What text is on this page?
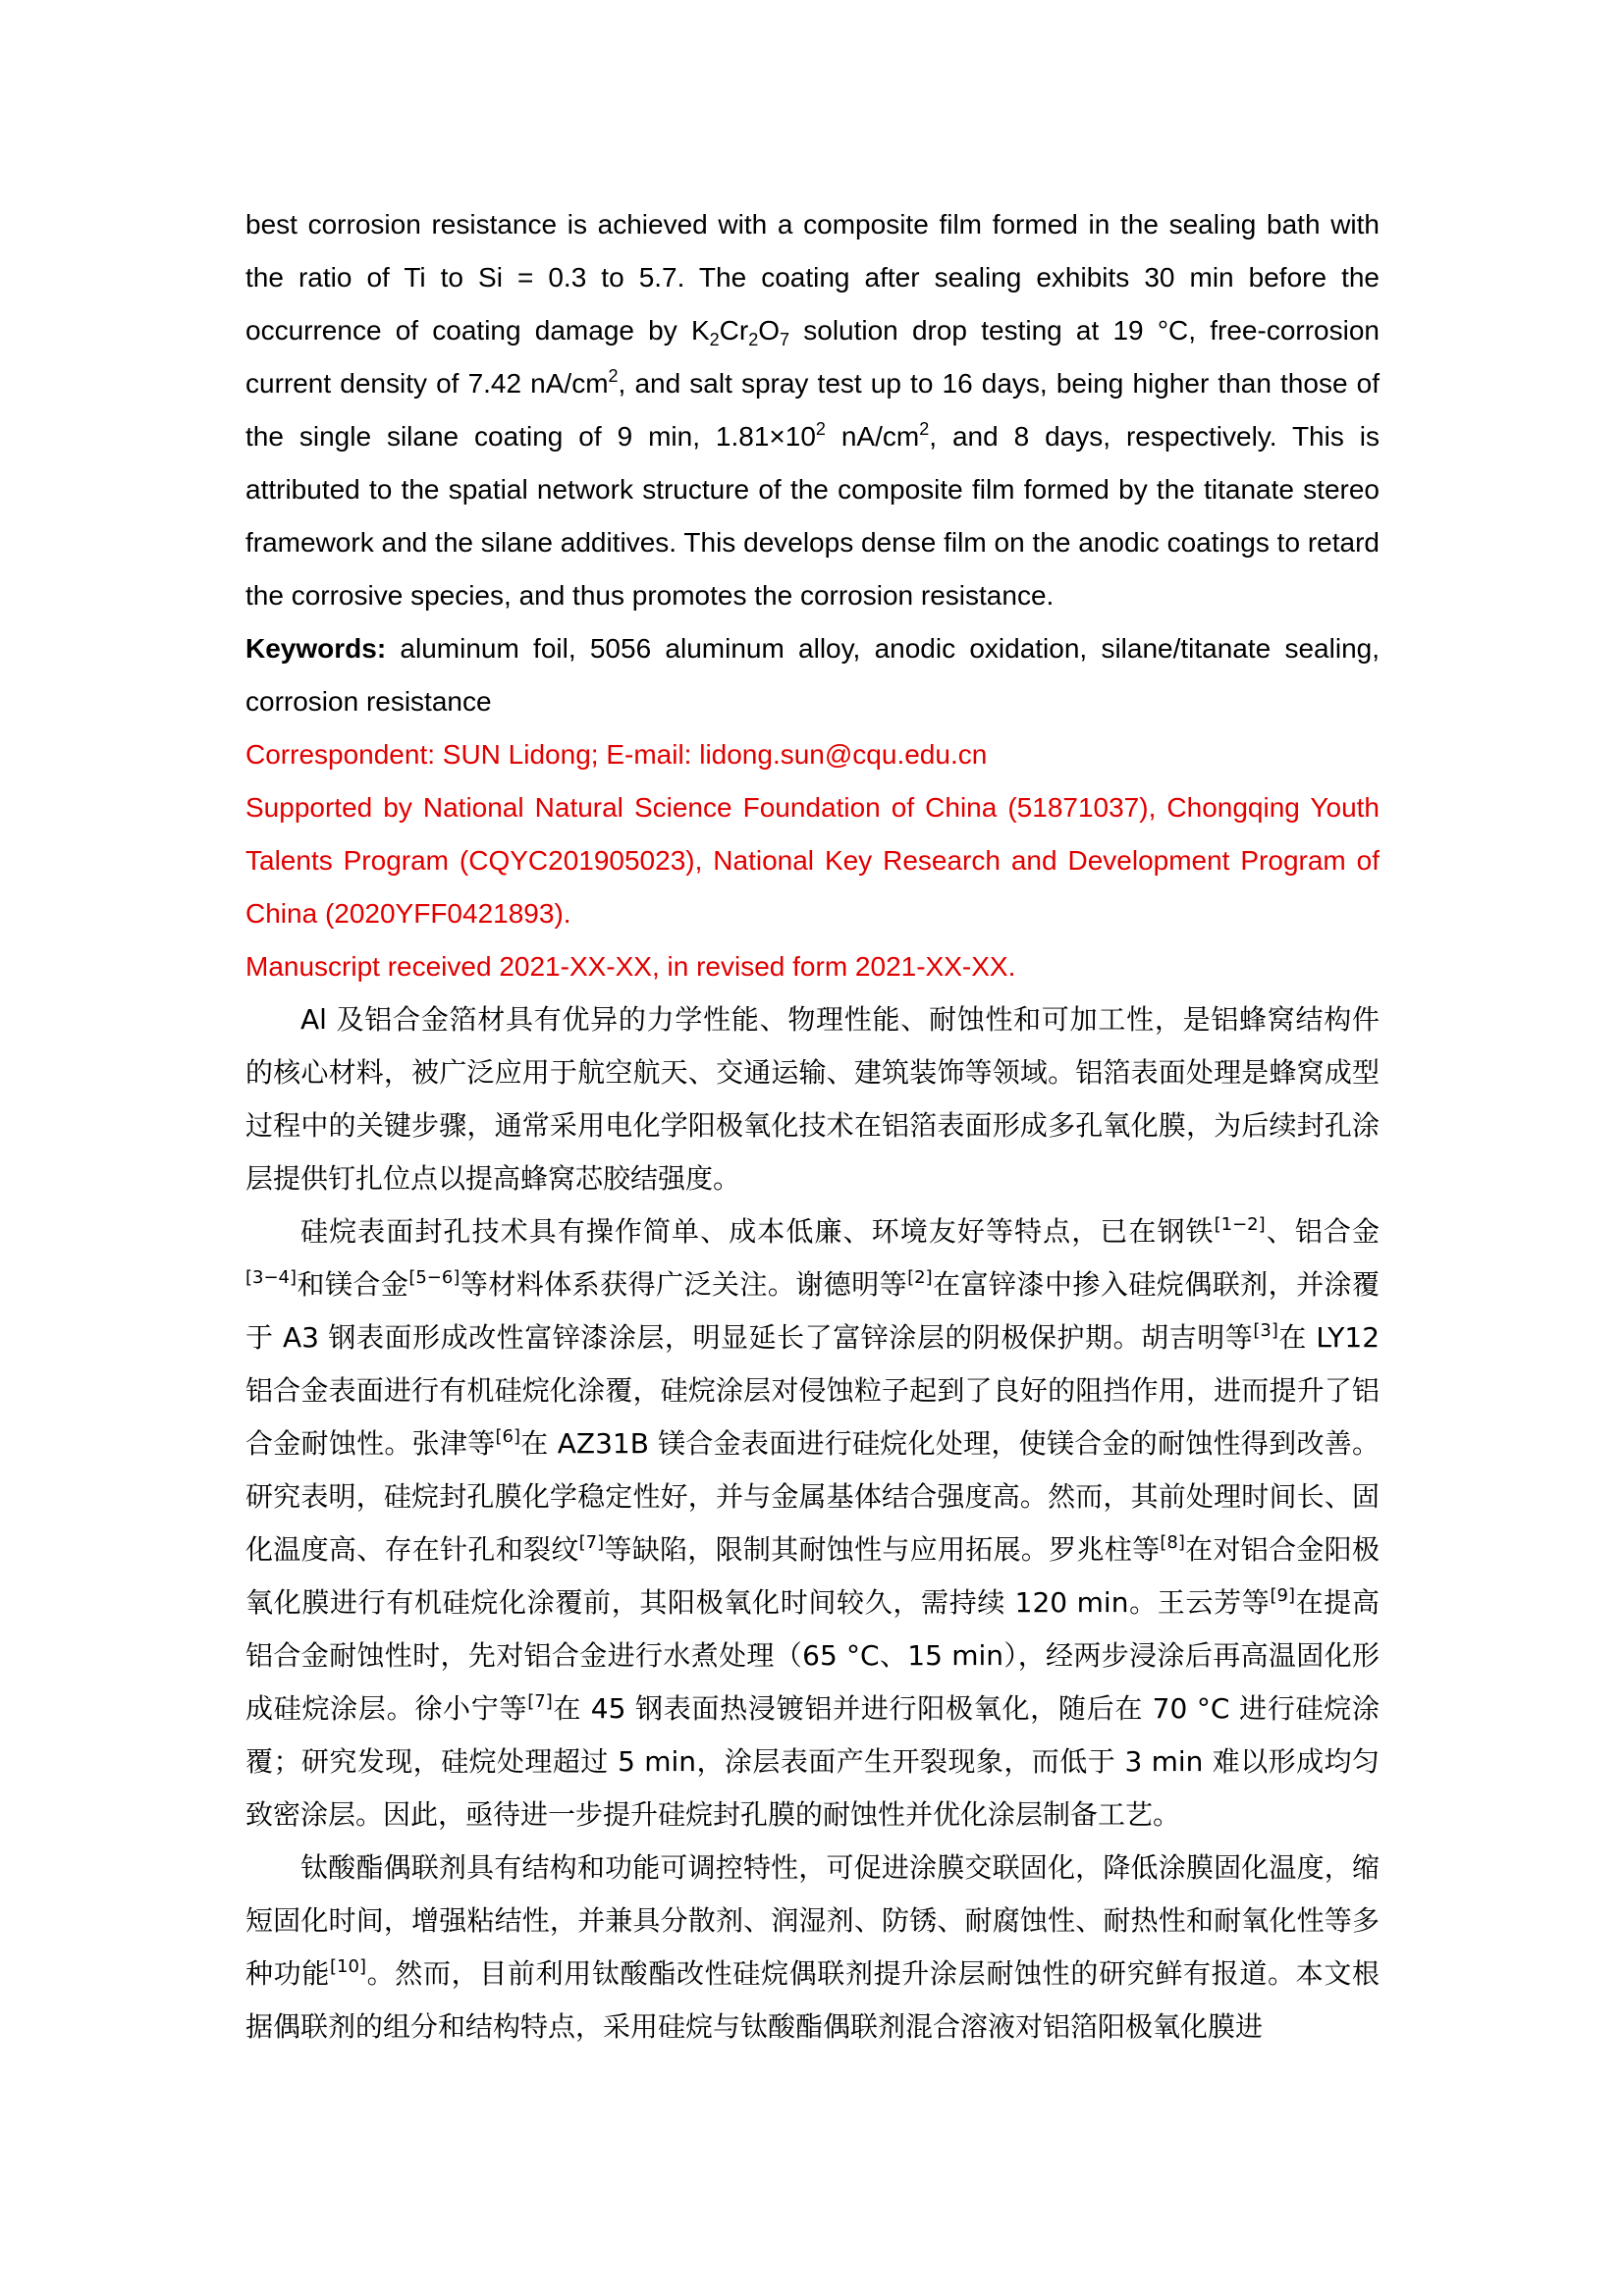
best corrosion resistance is achieved with a composite film formed in the sealing bath with the ratio of Ti to Si = 0.3 to 5.7. The coating after sealing exhibits 30 min before the occurrence of coating damage by $K_2Cr_2O_7$ solution drop testing at 19 °C, free-corrosion current density of 7.42 $nA/cm^2$, and salt spray test up to 16 days, being higher than those of the single silane coating of 9 min, $1.81\times 10^2$ $nA/cm^2$, and 8 days, respectively. This is attributed to the spatial network structure of the composite film formed by the titanate stereo framework and the silane additives. This develops dense film on the anodic coatings to retard the corrosive species, and thus promotes the corrosion resistance.

Keywords: aluminum foil, 5056 aluminum alloy, anodic oxidation, silane/titanate sealing, corrosion resistance

Correspondent: SUN Lidong; E-mail: lidong.sun@cqu.edu.cn

Supported by National Natural Science Foundation of China (51871037), Chongqing Youth Talents Program (CQYC201905023), National Key Research and Development Program of China (2020YFF0421893).

Manuscript received 2021-XX-XX, in revised form 2021-XX-XX.

Al 及铝合金箔材具有优异的力学性能、物理性能、耐蚀性和可加工性，是铝蜂窝结构件的核心材料，被广泛应用于航空航天、交通运输、建筑装饰等领域。铝箔表面处理是蜂窝成型过程中的关键步骤，通常采用电化学阳极氧化技术在铝箔表面形成多孔氧化膜，为后续封孔涂层提供钉扎位点以提高蜂窝芯胶结强度。

硅烷表面封孔技术具有操作简单、成本低廉、环境友好等特点，已在钢铁[1−2]、铝合金[3−4]和镁合金[5−6]等材料体系获得广泛关注。谢德明等[2]在富锌漆中掺入硅烷偶联剂，并涂覆于 A3 钢表面形成改性富锌漆涂层，明显延长了富锌涂层的阴极保护期。胡吉明等[3]在 LY12 铝合金表面进行有机硅烷化涂覆，硅烷涂层对侵蚀粒子起到了良好的阻挡作用，进而提升了铝合金耐蚀性。张津等[6]在 AZ31B 镁合金表面进行硅烷化处理，使镁合金的耐蚀性得到改善。研究表明，硅烷封孔膜化学稳定性好，并与金属基体结合强度高。然而，其前处理时间长、固化温度高、存在针孔和裂纹[7]等缺陷，限制其耐蚀性与应用拓展。罗兆柱等[8]在对铝合金阳极氧化膜进行有机硅烷化涂覆前，其阳极氧化时间较久，需持续 120 min。王云芳等[9]在提高铝合金耐蚀性时，先对铝合金进行水煮处理（65 °C、15 min），经两步浸涂后再高温固化形成硅烷涂层。徐小宁等[7]在 45 钢表面热浸镀铝并进行阳极氧化，随后在 70 °C 进行硅烷涂覆；研究发现，硅烷处理超过 5 min，涂层表面产生开裂现象，而低于 3 min 难以形成均匀致密涂层。因此，亟待进一步提升硅烷封孔膜的耐蚀性并优化涂层制备工艺。

钛酸酯偶联剂具有结构和功能可调控特性，可促进涂膜交联固化，降低涂膜固化温度，缩短固化时间，增强粘结性，并兼具分散剂、润湿剂、防锈、耐腐蚀性、耐热性和耐氧化性等多种功能[10]。然而，目前利用钛酸酯改性硅烷偶联剂提升涂层耐蚀性的研究鲜有报道。本文根据偶联剂的组分和结构特点，采用硅烷与钛酸酯偶联剂混合溶液对铝箔阳极氧化膜进
